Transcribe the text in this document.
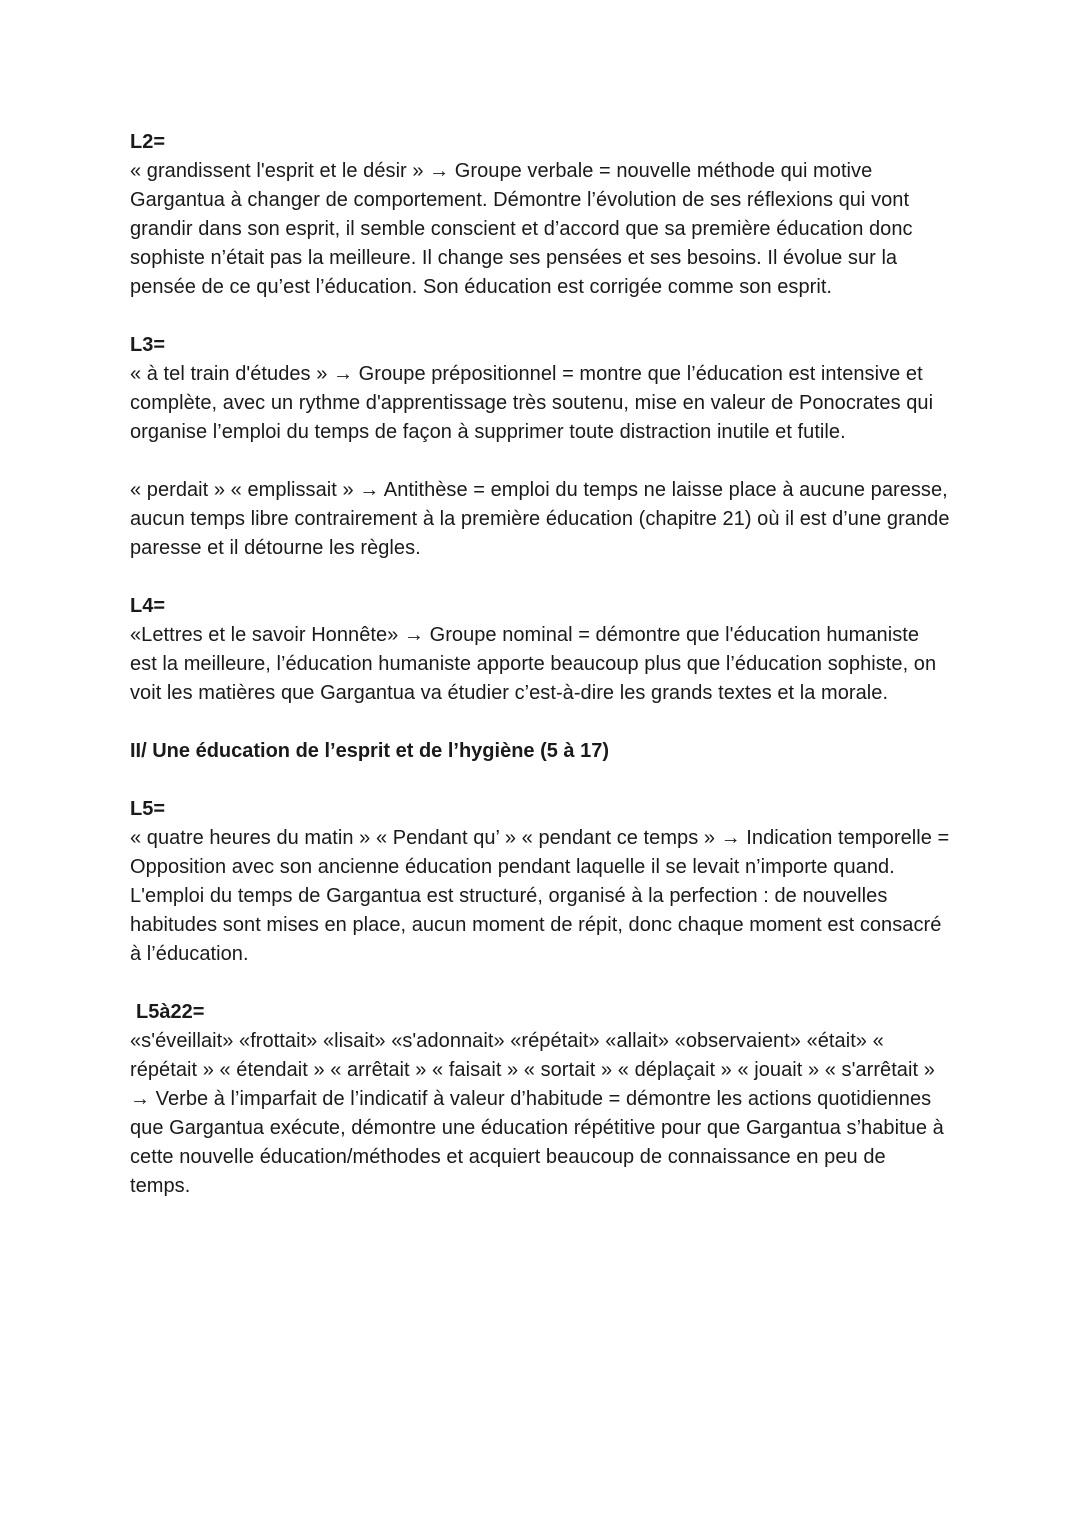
L2=

« grandissent l'esprit et le désir » → Groupe verbale = nouvelle méthode qui motive Gargantua à changer de comportement. Démontre l’évolution de ses réflexions qui vont grandir dans son esprit, il semble conscient et d’accord que sa première éducation donc sophiste n’était pas la meilleure. Il change ses pensées et ses besoins. Il évolue sur la pensée de ce qu’est l’éducation. Son éducation est corrigée comme son esprit.

L3=

« à tel train d'études » → Groupe prépositionnel = montre que l’éducation est intensive et complète, avec un rythme d'apprentissage très soutenu, mise en valeur de Ponocrates qui organise l’emploi du temps de façon à supprimer toute distraction inutile et futile.

« perdait » « emplissait » → Antithèse = emploi du temps ne laisse place à aucune paresse, aucun temps libre contrairement à la première éducation (chapitre 21) où il est d’une grande paresse et il détourne les règles.

L4=

«Lettres et le savoir Honnête» → Groupe nominal = démontre que l'éducation humaniste est la meilleure, l’éducation humaniste apporte beaucoup plus que l’éducation sophiste, on voit les matières que Gargantua va étudier c’est-à-dire les grands textes et la morale.

II/ Une éducation de l’esprit et de l’hygiène (5 à 17)

L5=

« quatre heures du matin » « Pendant qu’ » « pendant ce temps » → Indication temporelle = Opposition avec son ancienne éducation pendant laquelle il se levait n’importe quand. L'emploi du temps de Gargantua est structuré, organisé à la perfection : de nouvelles habitudes sont mises en place, aucun moment de répit, donc chaque moment est consacré à l’éducation.

L5à22=

«s'éveillait» «frottait» «lisait» «s'adonnait» «répétait» «allait» «observaient» «était» « répétait » « étendait » « arrêtait » « faisait » « sortait » « déplaçait » « jouait » « s'arrêtait » → Verbe à l’imparfait de l’indicatif à valeur d’habitude = démontre les actions quotidiennes que Gargantua exécute, démontre une éducation répétitive pour que Gargantua s’habitue à cette nouvelle éducation/méthodes et acquiert beaucoup de connaissance en peu de temps.
